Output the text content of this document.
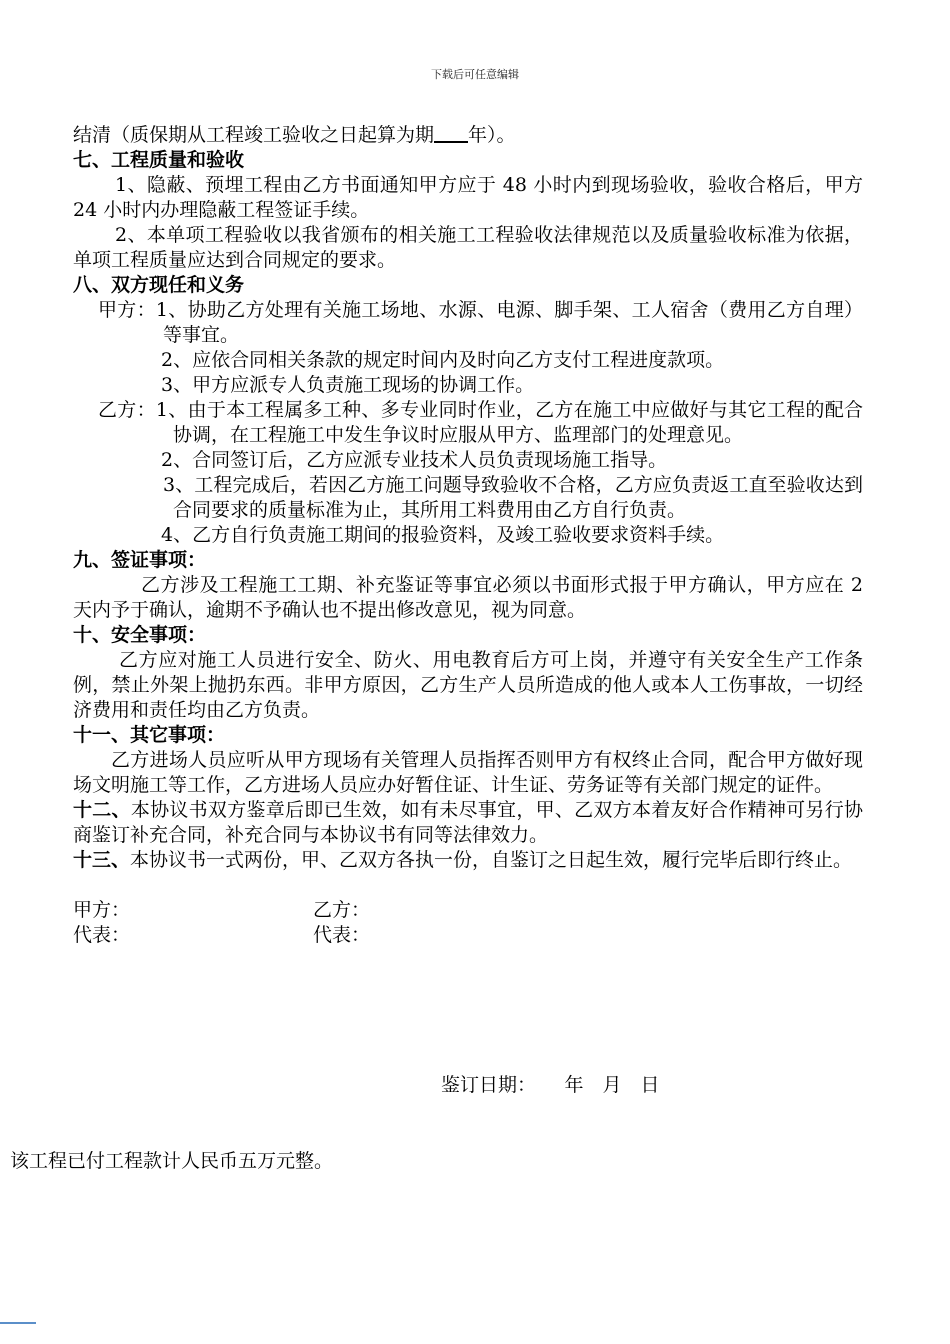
下载后可任意编辑

结清（质保期从工程竣工验收之日起算为期 年）。

七、工程质量和验收

1、隐蔽、预埋工程由乙方书面通知甲方应于 48 小时内到现场验收，验收合格后，甲方 24 小时内办理隐蔽工程签证手续。

2、本单项工程验收以我省颁布的相关施工工程验收法律规范以及质量验收标准为依据，单项工程质量应达到合同规定的要求。

八、双方现任和义务

甲方：1、协助乙方处理有关施工场地、水源、电源、脚手架、工人宿舍（费用乙方自理）等事宜。

2、应依合同相关条款的规定时间内及时向乙方支付工程进度款项。

3、甲方应派专人负责施工现场的协调工作。

乙方：1、由于本工程属多工种、多专业同时作业，乙方在施工中应做好与其它工程的配合协调，在工程施工中发生争议时应服从甲方、监理部门的处理意见。

2、合同签订后，乙方应派专业技术人员负责现场施工指导。

3、工程完成后，若因乙方施工问题导致验收不合格，乙方应负责返工直至验收达到合同要求的质量标准为止，其所用工料费用由乙方自行负责。

4、乙方自行负责施工期间的报验资料，及竣工验收要求资料手续。

九、签证事项：

乙方涉及工程施工工期、补充鉴证等事宜必须以书面形式报于甲方确认，甲方应在 2 天内予于确认，逾期不予确认也不提出修改意见，视为同意。

十、安全事项：

乙方应对施工人员进行安全、防火、用电教育后方可上岗，并遵守有关安全生产工作条例，禁止外架上抛扔东西。非甲方原因，乙方生产人员所造成的他人或本人工伤事故，一切经济费用和责任均由乙方负责。

十一、其它事项：

乙方进场人员应听从甲方现场有关管理人员指挥否则甲方有权终止合同，配合甲方做好现场文明施工等工作，乙方进场人员应办好暂住证、计生证、劳务证等有关部门规定的证件。

十二、本协议书双方鉴章后即已生效，如有未尽事宜，甲、乙双方本着友好合作精神可另行协商鉴订补充合同，补充合同与本协议书有同等法律效力。

十三、本协议书一式两份，甲、乙双方各执一份，自鉴订之日起生效，履行完毕后即行终止。

甲方：	乙方：
代表：	代表：
鉴订日期：　　年　月　日
该工程已付工程款计人民币五万元整。
